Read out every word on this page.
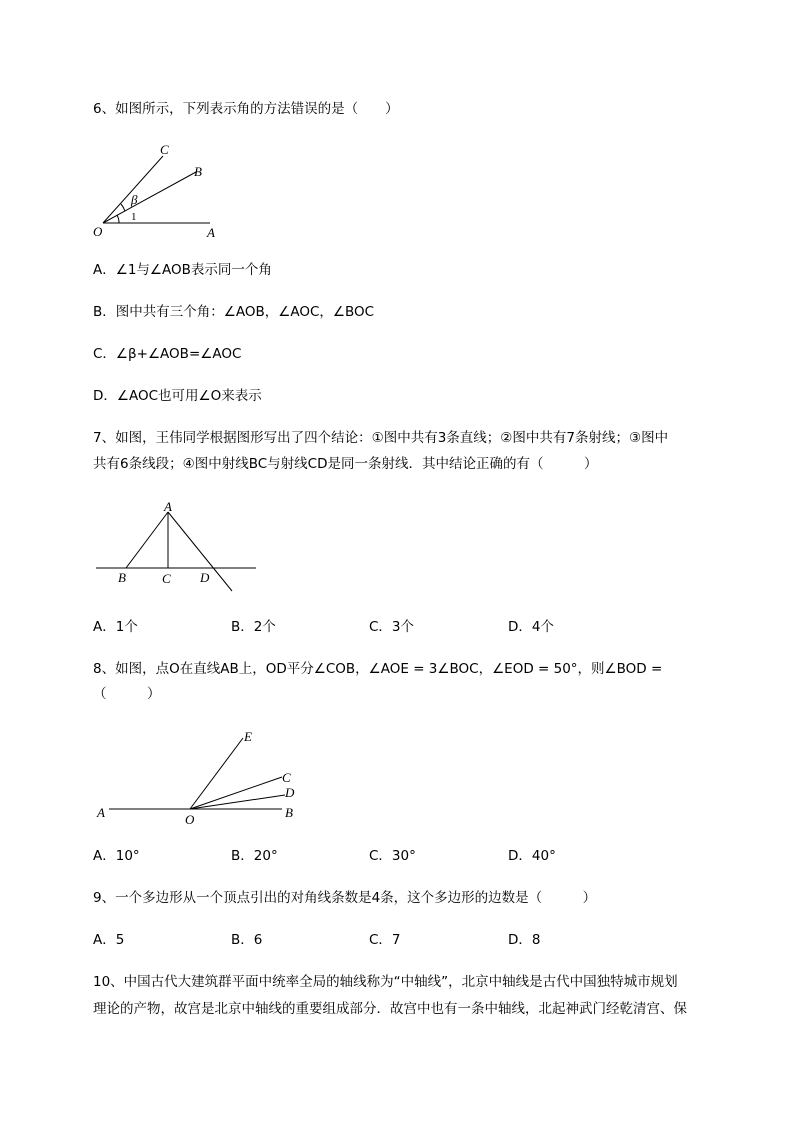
6、如图所示，下列表示角的方法错误的是（　　）
C
B
O	A
β
1
A．∠1与∠AOB表示同一个角
B．图中共有三个角：∠AOB，∠AOC，∠BOC
C．∠β+∠AOB=∠AOC
D．∠AOC也可用∠O来表示
7、如图，王伟同学根据图形写出了四个结论：①图中共有3条直线；②图中共有7条射线；③图中
共有6条线段；④图中射线BC与射线CD是同一条射线．其中结论正确的有（　　　）
A
B	C D
A．1个	B．2个	C．3个	D．4个
8、如图，点O在直线AB上，OD平分∠COB，∠AOE = 3∠BOC，∠EOD = 50°，则∠BOD =
（　　　）
E
C
D
A	O	B
A．10°	B．20°	C．30°	D．40°
9、一个多边形从一个顶点引出的对角线条数是4条，这个多边形的边数是（　　　）
A．5	B．6	C．7	D．8
10、中国古代大建筑群平面中统率全局的轴线称为“中轴线”，北京中轴线是古代中国独特城市规划
理论的产物，故宫是北京中轴线的重要组成部分．故宫中也有一条中轴线，北起神武门经乾清宫、保
